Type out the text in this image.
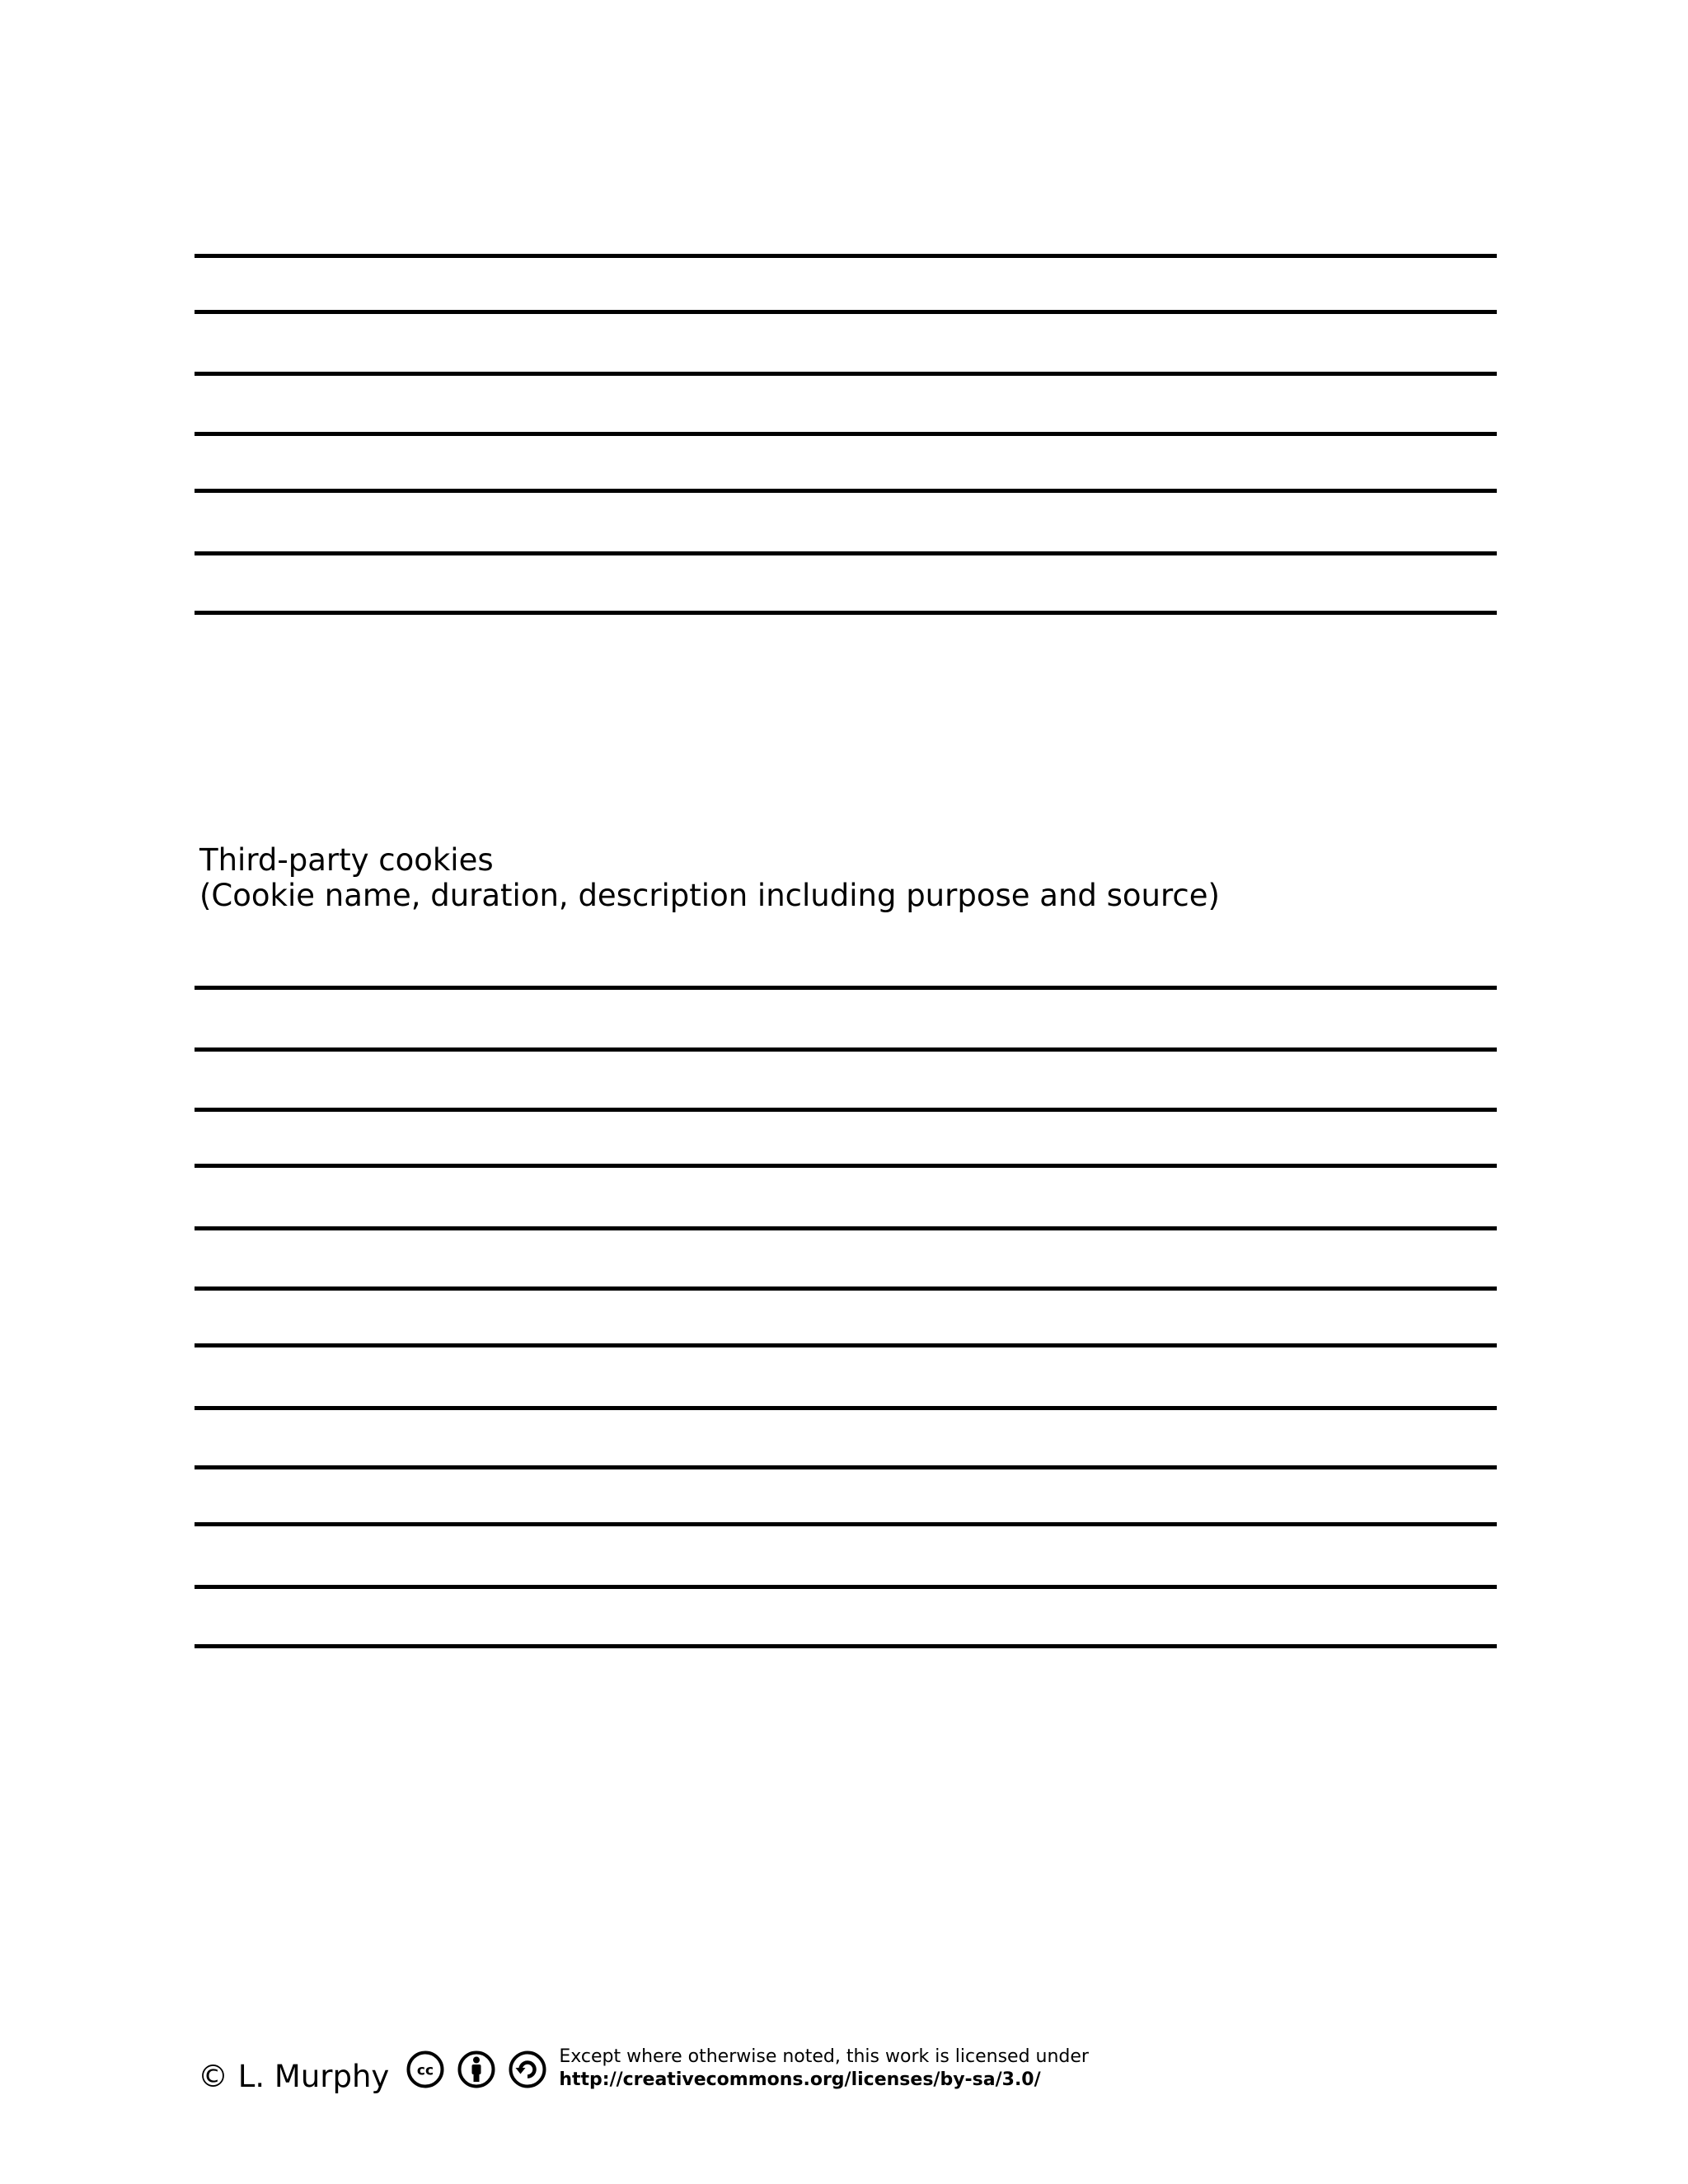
Third-party cookies
(Cookie name, duration, description including purpose and source)
© L. Murphy cc
Except where otherwise noted, this work is licensed under
http://creativecommons.org/licenses/by-sa/3.0/
